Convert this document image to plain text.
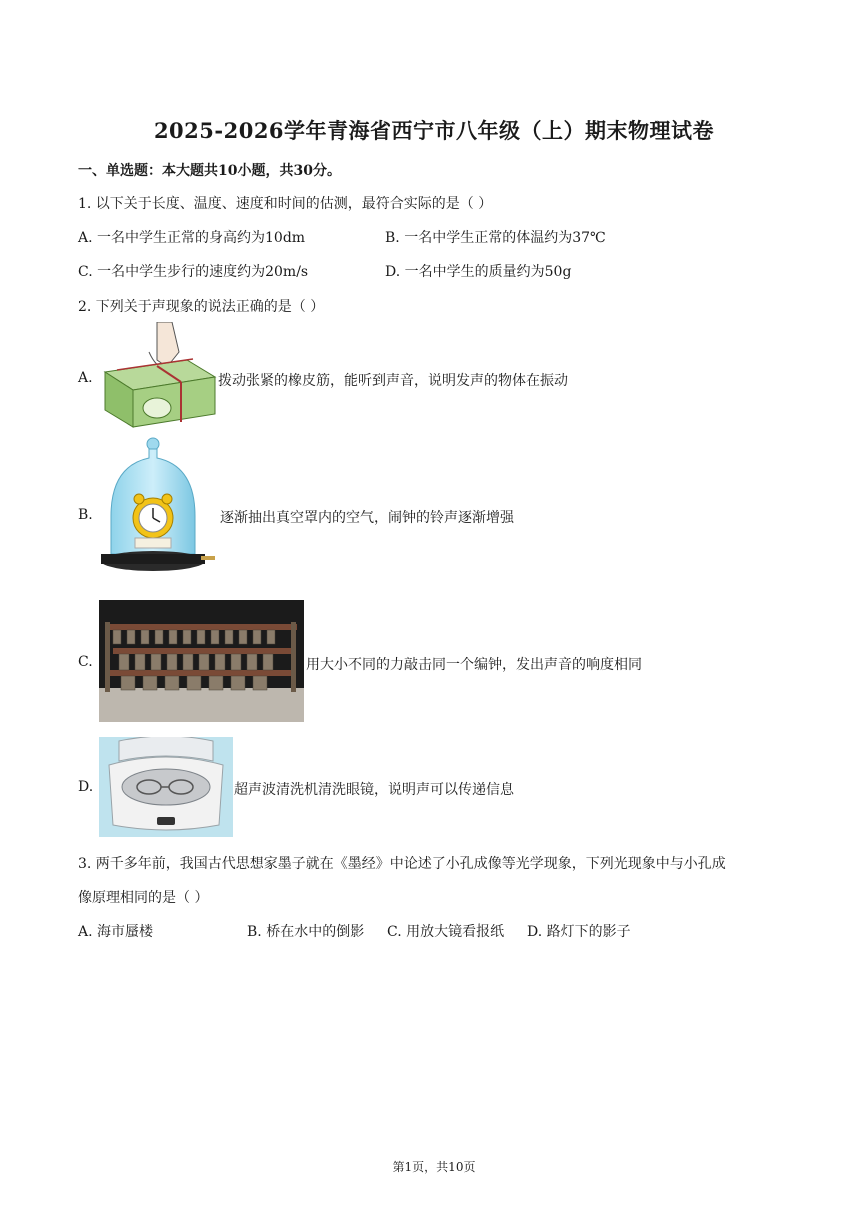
2025-2026学年青海省西宁市八年级（上）期末物理试卷
一、单选题：本大题共10小题，共30分。
1. 以下关于长度、温度、速度和时间的估测，最符合实际的是（ ）
A. 一名中学生正常的身高约为10dm	B. 一名中学生正常的体温约为37℃
C. 一名中学生步行的速度约为20m/s	D. 一名中学生的质量约为50g
2. 下列关于声现象的说法正确的是（ ）
A.	拨动张紧的橡皮筋，能听到声音，说明发声的物体在振动
B.	逐渐抽出真空罩内的空气，闹钟的铃声逐渐增强
C.	用大小不同的力敲击同一个编钟，发出声音的响度相同
D.	超声波清洗机清洗眼镜，说明声可以传递信息
3. 两千多年前，我国古代思想家墨子就在《墨经》中论述了小孔成像等光学现象，下列光现象中与小孔成
像原理相同的是（ ）
A. 海市蜃楼	B. 桥在水中的倒影 C. 用放大镜看报纸 D. 路灯下的影子
第1页，共10页
